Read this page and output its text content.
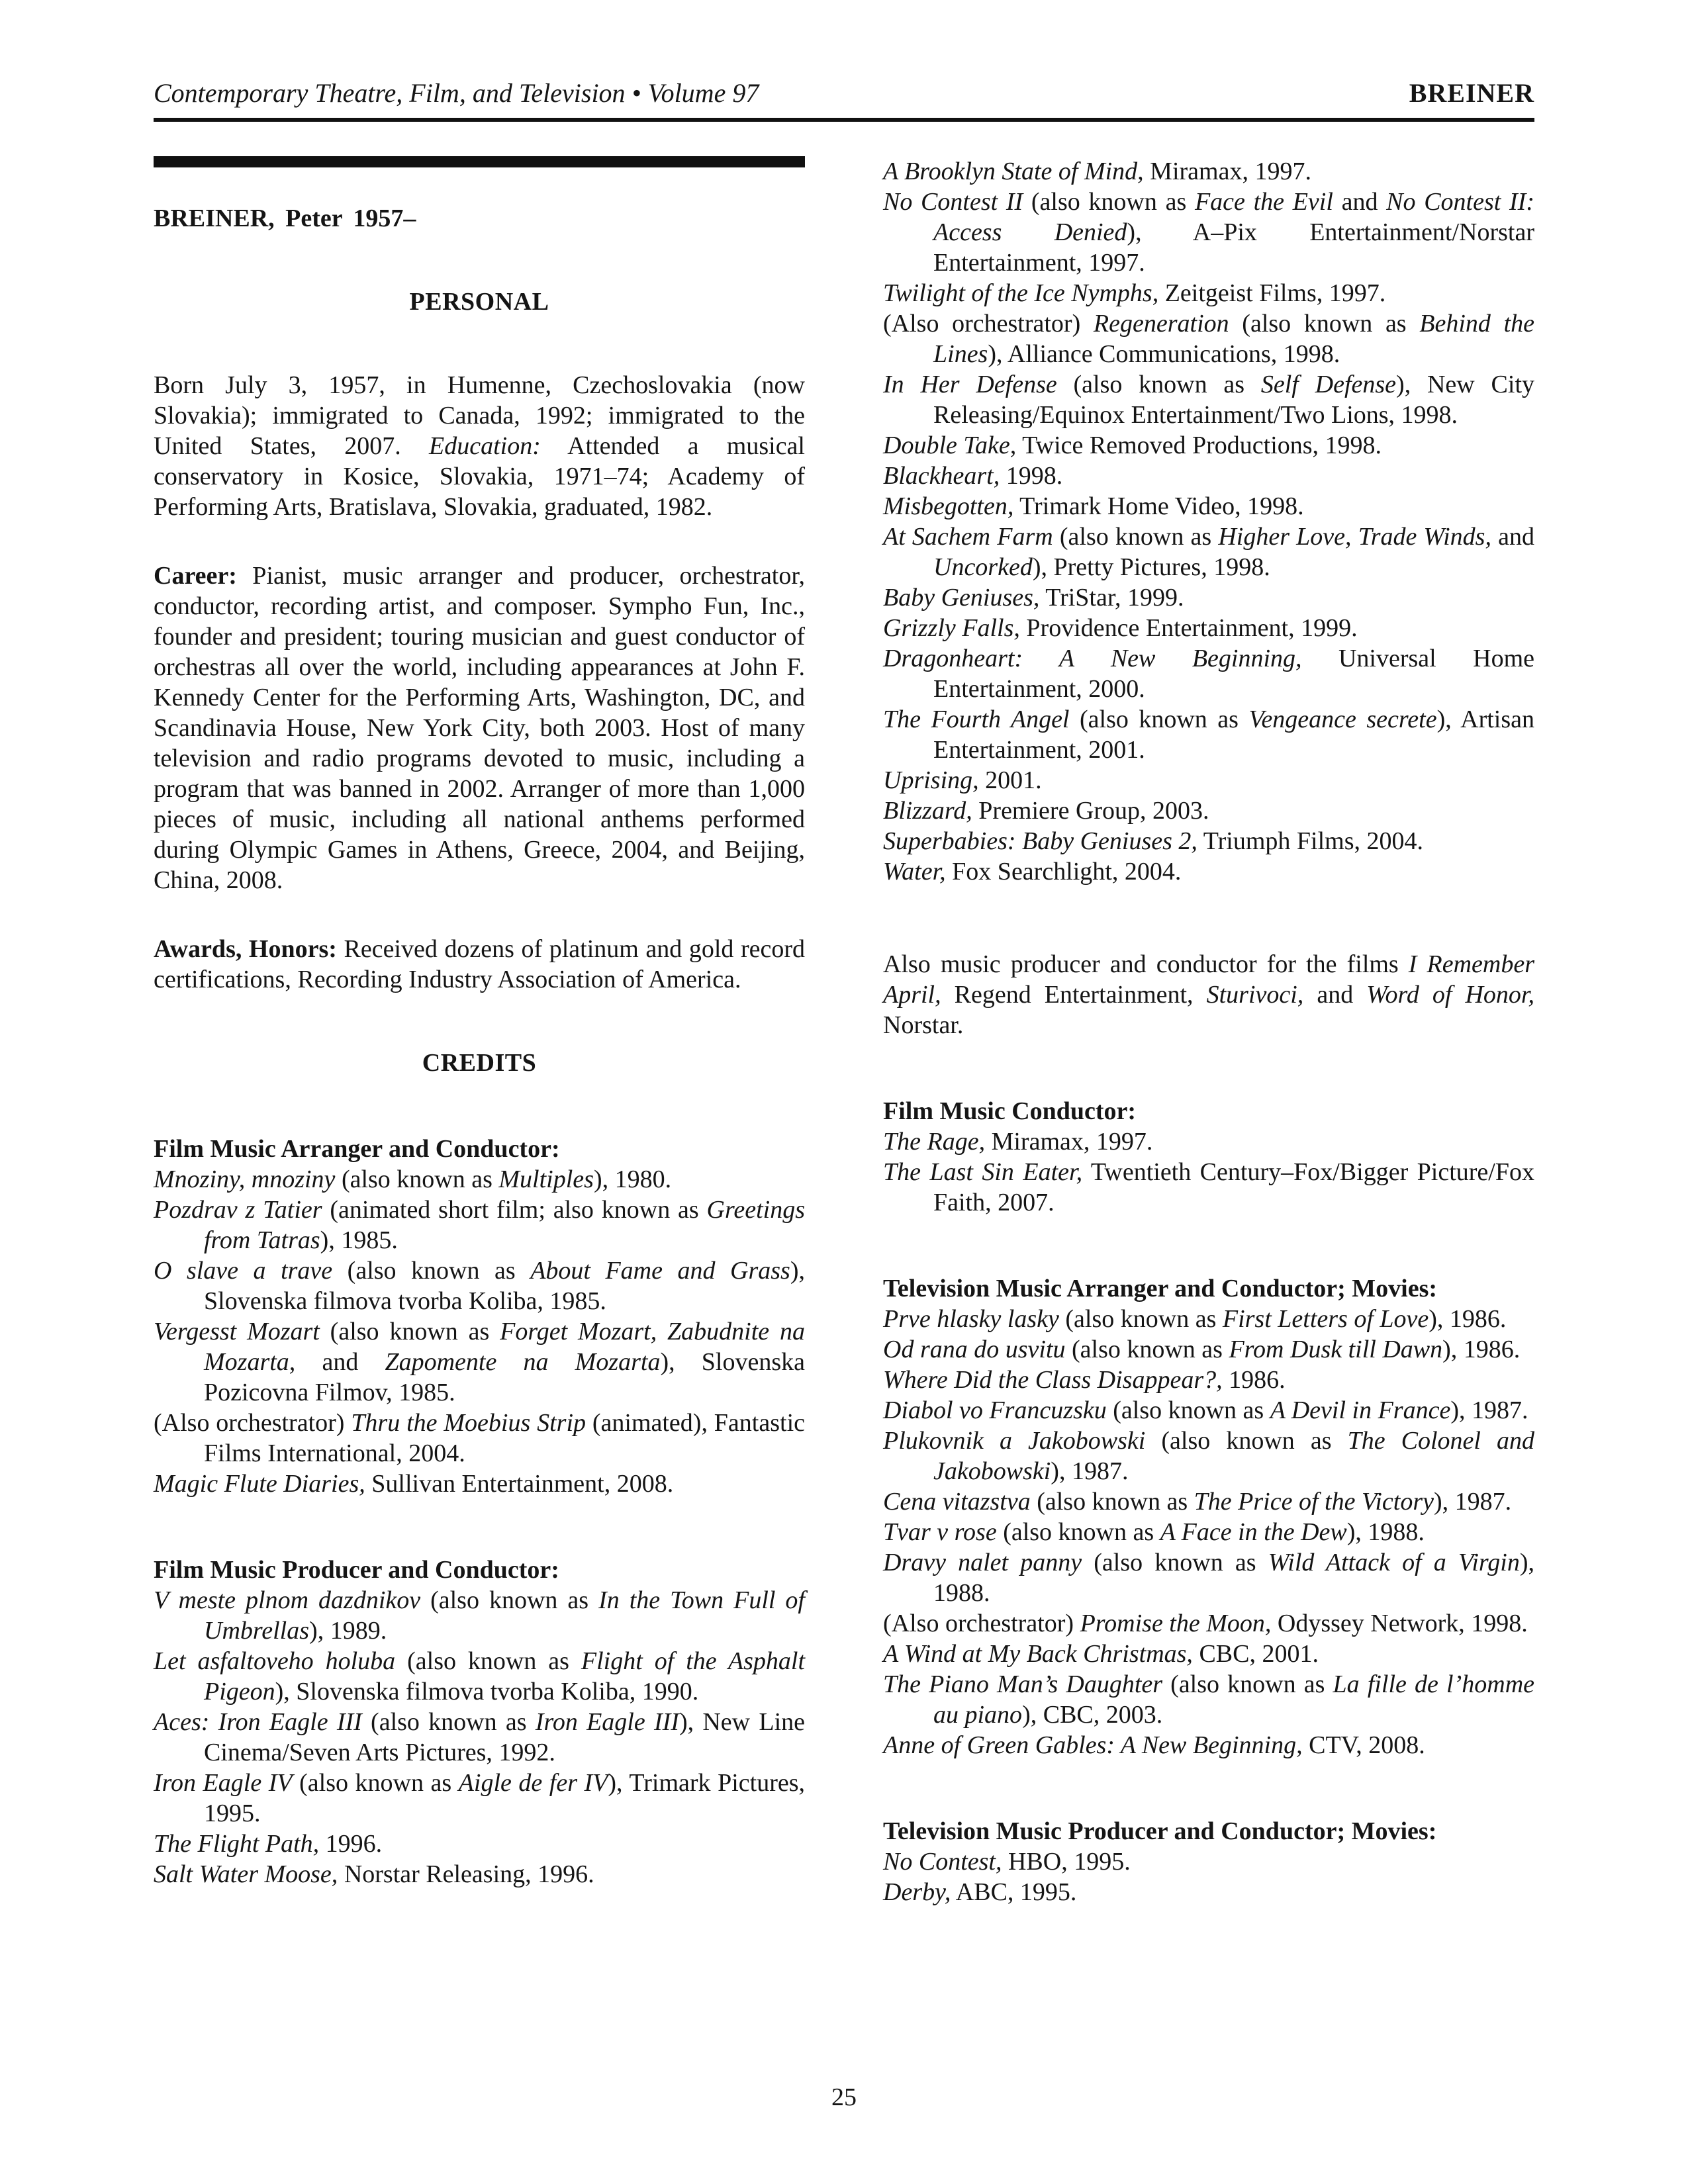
Contemporary Theatre, Film, and Television • Volume 97	BREINER
BREINER, Peter 1957–
PERSONAL
Born July 3, 1957, in Humenne, Czechoslovakia (now Slovakia); immigrated to Canada, 1992; immigrated to the United States, 2007. Education: Attended a musical conservatory in Kosice, Slovakia, 1971–74; Academy of Performing Arts, Bratislava, Slovakia, graduated, 1982.
Career: Pianist, music arranger and producer, orchestrator, conductor, recording artist, and composer. Sympho Fun, Inc., founder and president; touring musician and guest conductor of orchestras all over the world, including appearances at John F. Kennedy Center for the Performing Arts, Washington, DC, and Scandinavia House, New York City, both 2003. Host of many television and radio programs devoted to music, including a program that was banned in 2002. Arranger of more than 1,000 pieces of music, including all national anthems performed during Olympic Games in Athens, Greece, 2004, and Beijing, China, 2008.
Awards, Honors: Received dozens of platinum and gold record certifications, Recording Industry Association of America.
CREDITS
Film Music Arranger and Conductor:
Mnoziny, mnoziny (also known as Multiples), 1980.
Pozdrav z Tatier (animated short film; also known as Greetings from Tatras), 1985.
O slave a trave (also known as About Fame and Grass), Slovenska filmova tvorba Koliba, 1985.
Vergesst Mozart (also known as Forget Mozart, Zabudnite na Mozarta, and Zapomente na Mozarta), Slovenska Pozicovna Filmov, 1985.
(Also orchestrator) Thru the Moebius Strip (animated), Fantastic Films International, 2004.
Magic Flute Diaries, Sullivan Entertainment, 2008.
Film Music Producer and Conductor:
V meste plnom dazdnikov (also known as In the Town Full of Umbrellas), 1989.
Let asfaltoveho holuba (also known as Flight of the Asphalt Pigeon), Slovenska filmova tvorba Koliba, 1990.
Aces: Iron Eagle III (also known as Iron Eagle III), New Line Cinema/Seven Arts Pictures, 1992.
Iron Eagle IV (also known as Aigle de fer IV), Trimark Pictures, 1995.
The Flight Path, 1996.
Salt Water Moose, Norstar Releasing, 1996.
A Brooklyn State of Mind, Miramax, 1997.
No Contest II (also known as Face the Evil and No Contest II: Access Denied), A–Pix Entertainment/Norstar Entertainment, 1997.
Twilight of the Ice Nymphs, Zeitgeist Films, 1997.
(Also orchestrator) Regeneration (also known as Behind the Lines), Alliance Communications, 1998.
In Her Defense (also known as Self Defense), New City Releasing/Equinox Entertainment/Two Lions, 1998.
Double Take, Twice Removed Productions, 1998.
Blackheart, 1998.
Misbegotten, Trimark Home Video, 1998.
At Sachem Farm (also known as Higher Love, Trade Winds, and Uncorked), Pretty Pictures, 1998.
Baby Geniuses, TriStar, 1999.
Grizzly Falls, Providence Entertainment, 1999.
Dragonheart: A New Beginning, Universal Home Entertainment, 2000.
The Fourth Angel (also known as Vengeance secrete), Artisan Entertainment, 2001.
Uprising, 2001.
Blizzard, Premiere Group, 2003.
Superbabies: Baby Geniuses 2, Triumph Films, 2004.
Water, Fox Searchlight, 2004.
Also music producer and conductor for the films I Remember April, Regend Entertainment, Sturivoci, and Word of Honor, Norstar.
Film Music Conductor:
The Rage, Miramax, 1997.
The Last Sin Eater, Twentieth Century–Fox/Bigger Picture/Fox Faith, 2007.
Television Music Arranger and Conductor; Movies:
Prve hlasky lasky (also known as First Letters of Love), 1986.
Od rana do usvitu (also known as From Dusk till Dawn), 1986.
Where Did the Class Disappear?, 1986.
Diabol vo Francuzsku (also known as A Devil in France), 1987.
Plukovnik a Jakobowski (also known as The Colonel and Jakobowski), 1987.
Cena vitazstva (also known as The Price of the Victory), 1987.
Tvar v rose (also known as A Face in the Dew), 1988.
Dravy nalet panny (also known as Wild Attack of a Virgin), 1988.
(Also orchestrator) Promise the Moon, Odyssey Network, 1998.
A Wind at My Back Christmas, CBC, 2001.
The Piano Man’s Daughter (also known as La fille de l’homme au piano), CBC, 2003.
Anne of Green Gables: A New Beginning, CTV, 2008.
Television Music Producer and Conductor; Movies:
No Contest, HBO, 1995.
Derby, ABC, 1995.
25
